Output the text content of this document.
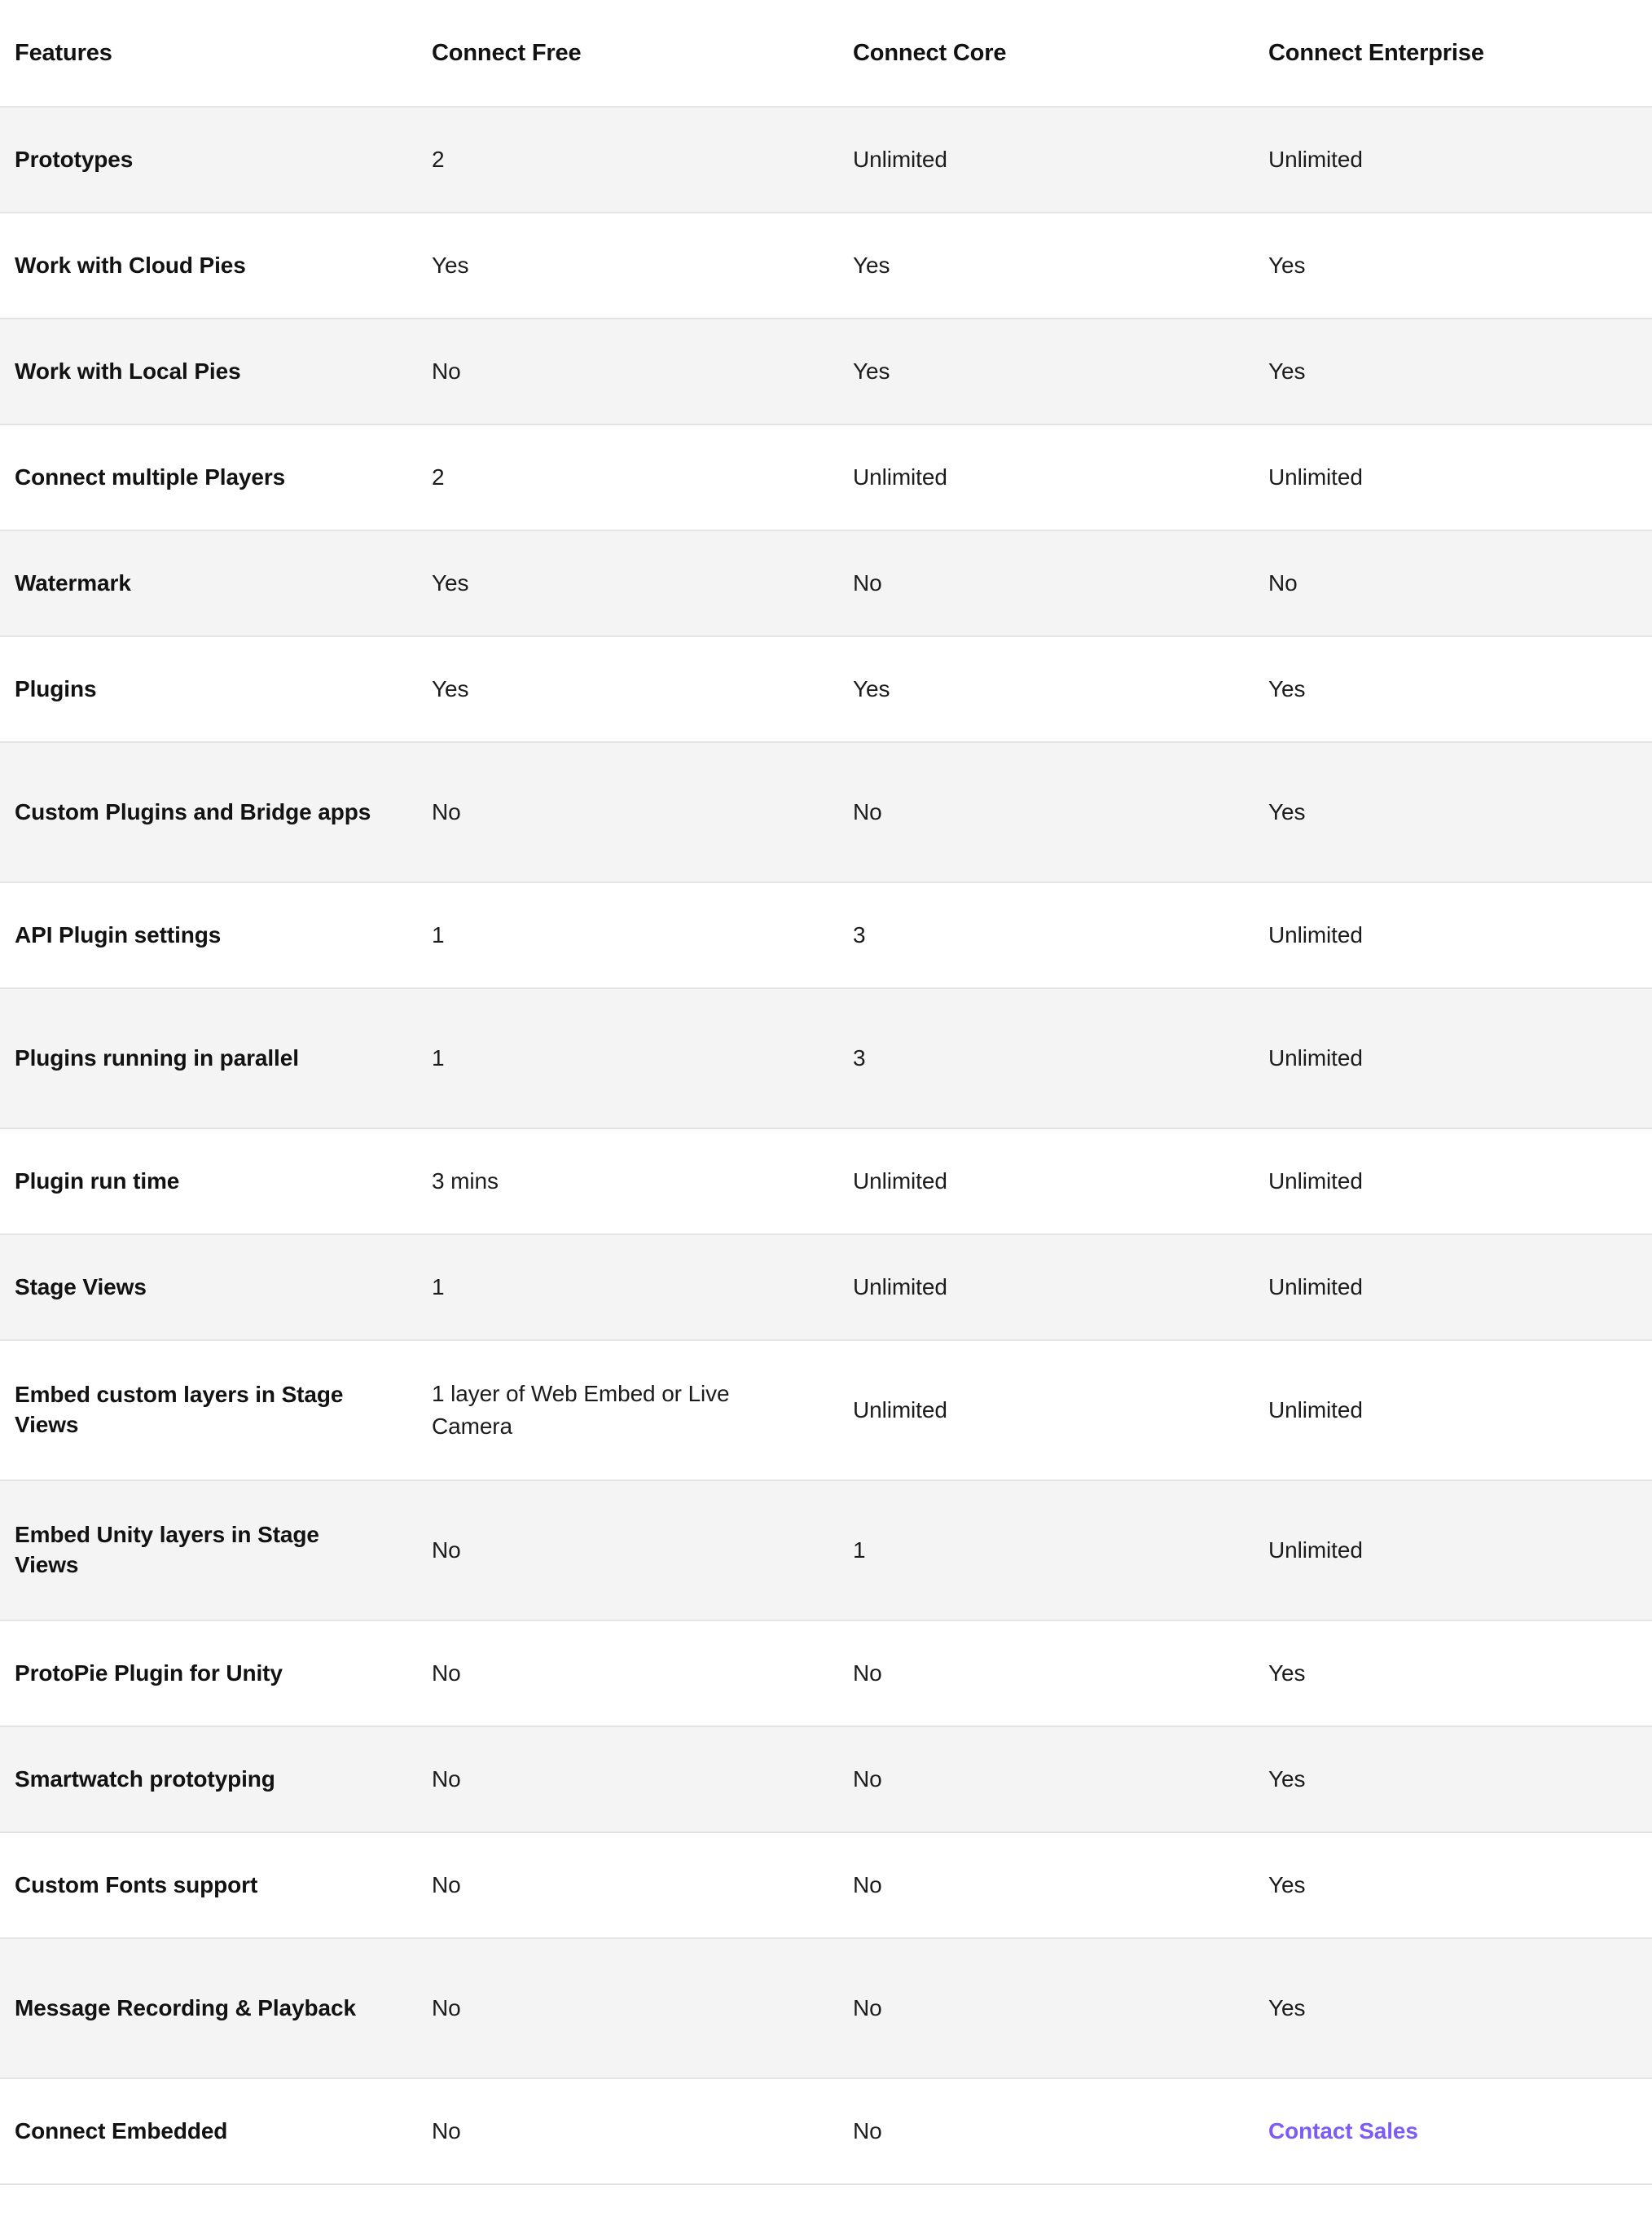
Features	Connect Free	Connect Core	Connect Enterprise
Prototypes	2	Unlimited	Unlimited
Work with Cloud Pies	Yes	Yes	Yes
Work with Local Pies	No	Yes	Yes
Connect multiple Players	2	Unlimited	Unlimited
Watermark	Yes	No	No
Plugins	Yes	Yes	Yes
Custom Plugins and Bridge apps	No	No	Yes
API Plugin settings	1	3	Unlimited
Plugins running in parallel	1	3	Unlimited
Plugin run time	3 mins	Unlimited	Unlimited
Stage Views	1	Unlimited	Unlimited
Embed custom layers in Stage Views	1 layer of Web Embed or Live Camera	Unlimited	Unlimited
Embed Unity layers in Stage Views	No	1	Unlimited
ProtoPie Plugin for Unity	No	No	Yes
Smartwatch prototyping	No	No	Yes
Custom Fonts support	No	No	Yes
Message Recording & Playback	No	No	Yes
Connect Embedded	No	No	Contact Sales
